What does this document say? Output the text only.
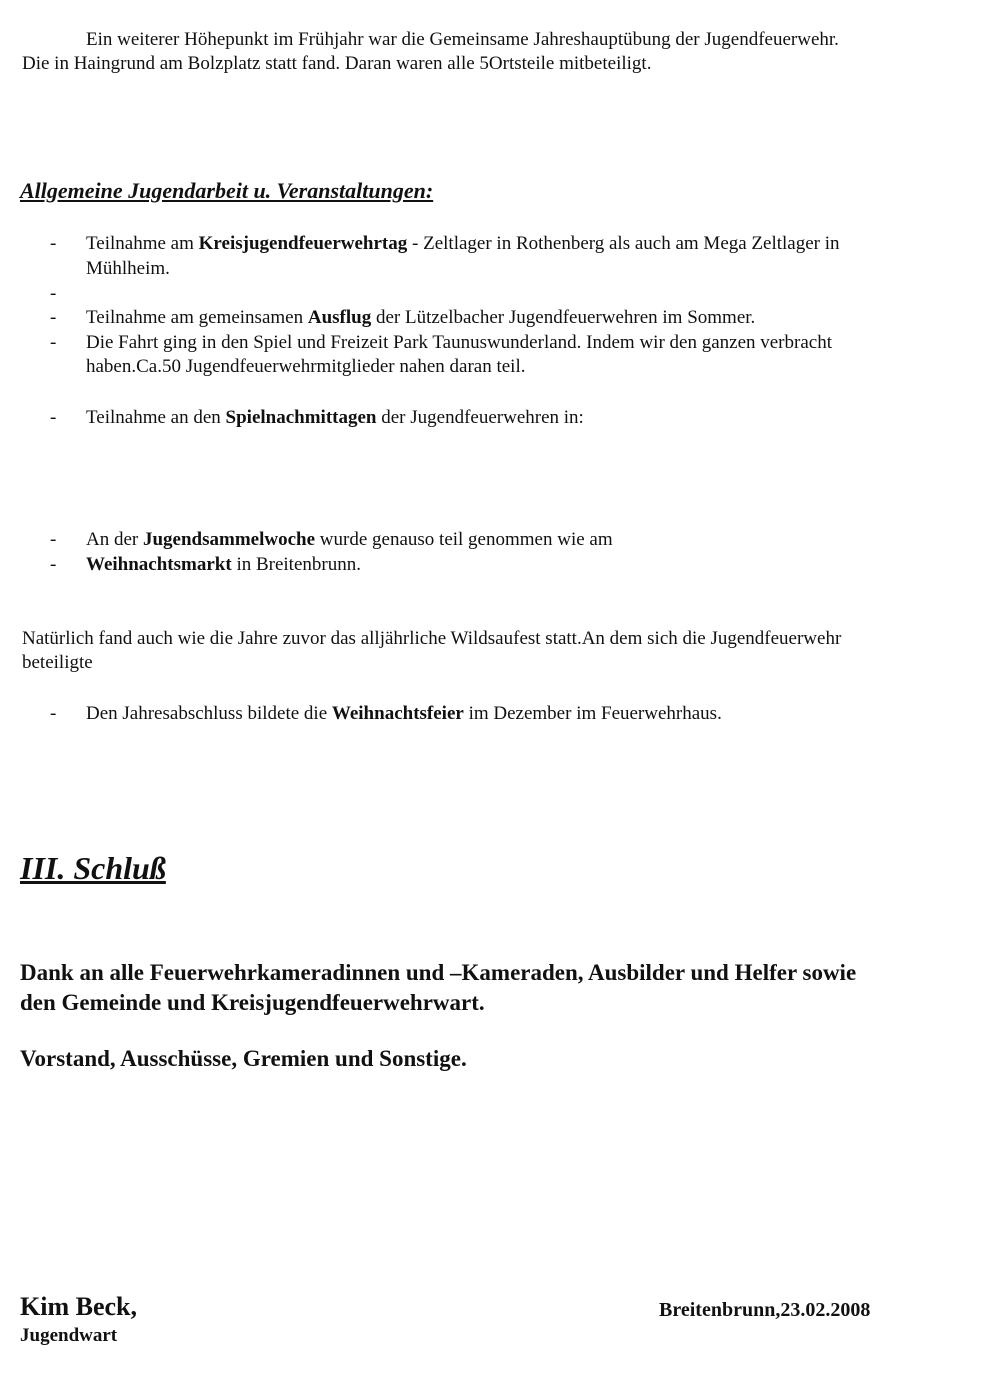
Ein weiterer Höhepunkt im Frühjahr war die Gemeinsame Jahreshauptübung der Jugendfeuerwehr.
Die in Haingrund am Bolzplatz statt fand. Daran waren alle 5Ortsteile mitbeteiligt.
Allgemeine Jugendarbeit u. Veranstaltungen:
- Teilnahme am Kreisjugendfeuerwehrtag - Zeltlager in Rothenberg als auch am Mega Zeltlager in
Mühlheim.
-
- Teilnahme am gemeinsamen Ausflug der Lützelbacher Jugendfeuerwehren im Sommer.
- Die Fahrt ging in den Spiel und Freizeit Park Taunuswunderland. Indem wir den ganzen verbracht
haben.Ca.50 Jugendfeuerwehrmitglieder nahen daran teil.
- Teilnahme an den Spielnachmittagen der Jugendfeuerwehren in:
- An der Jugendsammelwoche wurde genauso teil genommen wie am
- Weihnachtsmarkt in Breitenbrunn.
Natürlich fand auch wie die Jahre zuvor das alljährliche Wildsaufest statt.An dem sich die Jugendfeuerwehr
beteiligte
- Den Jahresabschluss bildete die Weihnachtsfeier im Dezember im Feuerwehrhaus.
III. Schluß
Dank an alle Feuerwehrkameradinnen und –Kameraden, Ausbilder und Helfer sowie
den Gemeinde und Kreisjugendfeuerwehrwart.
Vorstand, Ausschüsse, Gremien und Sonstige.
Kim Beck,
Jugendwart
Breitenbrunn,23.02.2008
